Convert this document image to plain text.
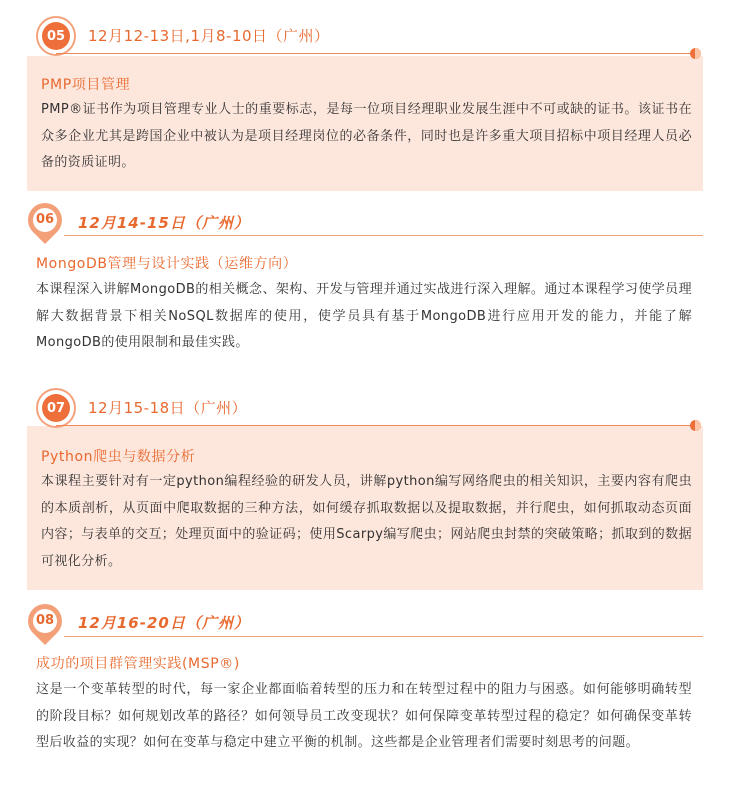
05	12月12-13日,1月8-10日（广州）
PMP项目管理
PMP®证书作为项目管理专业人士的重要标志，是每一位项目经理职业发展生涯中不可或缺的证书。该证书在众多企业尤其是跨国企业中被认为是项目经理岗位的必备条件，同时也是许多重大项目招标中项目经理人员必备的资质证明。
06 12月14-15日（广州）
MongoDB管理与设计实践（运维方向）
本课程深入讲解MongoDB的相关概念、架构、开发与管理并通过实战进行深入理解。通过本课程学习使学员理解大数据背景下相关NoSQL数据库的使用，使学员具有基于MongoDB进行应用开发的能力，并能了解MongoDB的使用限制和最佳实践。
07	12月15-18日（广州）
Python爬虫与数据分析
本课程主要针对有一定python编程经验的研发人员，讲解python编写网络爬虫的相关知识，主要内容有爬虫的本质剖析，从页面中爬取数据的三种方法，如何缓存抓取数据以及提取数据，并行爬虫，如何抓取动态页面内容；与表单的交互；处理页面中的验证码；使用Scarpy编写爬虫；网站爬虫封禁的突破策略；抓取到的数据可视化分析。
08 12月16-20日（广州）
成功的项目群管理实践(MSP®)
这是一个变革转型的时代，每一家企业都面临着转型的压力和在转型过程中的阻力与困惑。如何能够明确转型的阶段目标？如何规划改革的路径？如何领导员工改变现状？如何保障变革转型过程的稳定？如何确保变革转型后收益的实现？如何在变革与稳定中建立平衡的机制。这些都是企业管理者们需要时刻思考的问题。
